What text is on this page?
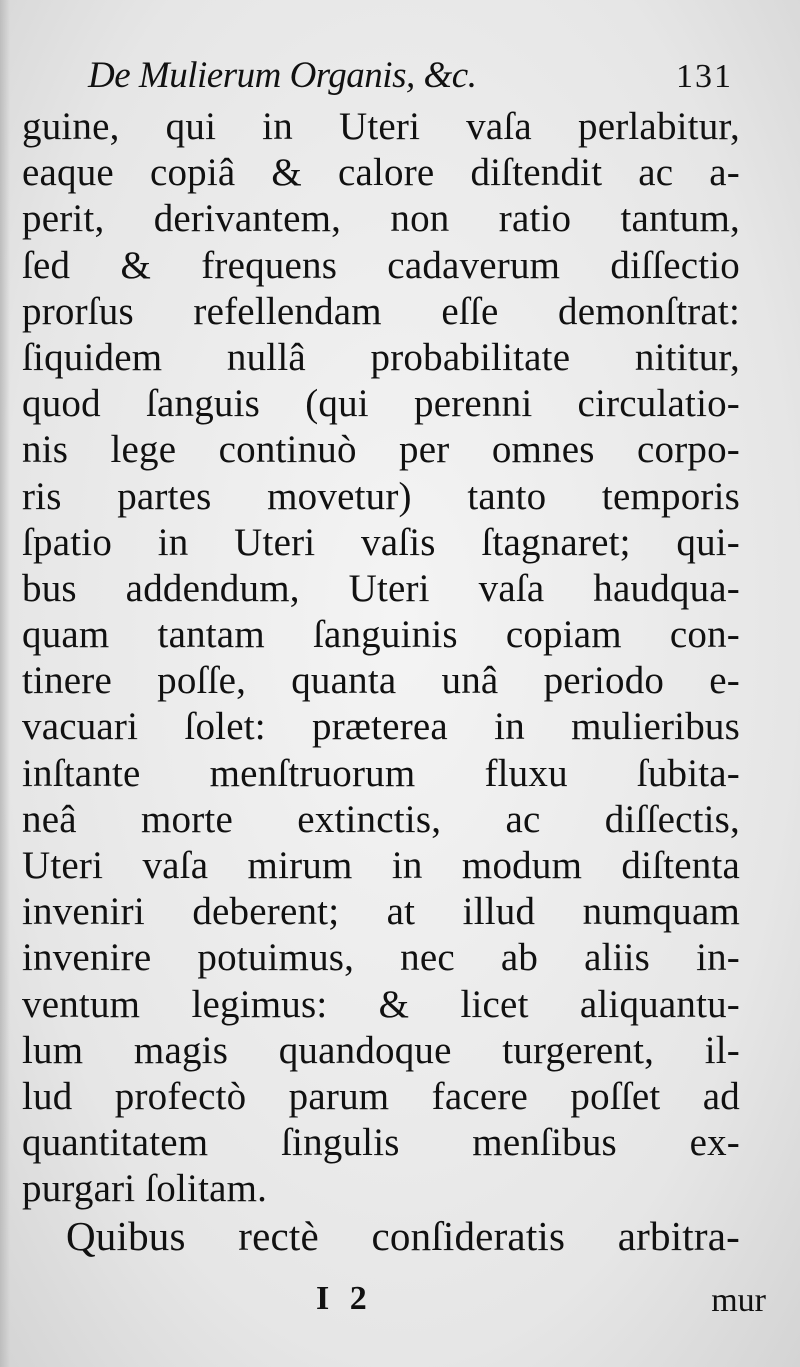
De Mulierum Organis, &c.	131
guine, qui in Uteri vaſa perlabitur,
eaque copiâ & calore diſtendit ac a-
perit, derivantem, non ratio tantum,
ſed & frequens cadaverum diſſectio
prorſus refellendam eſſe demonſtrat:
ſiquidem nullâ probabilitate nititur,
quod ſanguis (qui perenni circulatio-
nis lege continuò per omnes corpo-
ris partes movetur) tanto temporis
ſpatio in Uteri vaſis ſtagnaret; qui-
bus addendum, Uteri vaſa haudqua-
quam tantam ſanguinis copiam con-
tinere poſſe, quanta unâ periodo e-
vacuari ſolet: præterea in mulieribus
inſtante menſtruorum fluxu ſubita-
neâ morte extinctis, ac diſſectis,
Uteri vaſa mirum in modum diſtenta
inveniri deberent; at illud numquam
invenire potuimus, nec ab aliis in-
ventum legimus: & licet aliquantu-
lum magis quandoque turgerent, il-
lud profectò parum facere poſſet ad
quantitatem ſingulis menſibus ex-
purgari ſolitam.
Quibus rectè conſideratis arbitra-
I 2	mur
